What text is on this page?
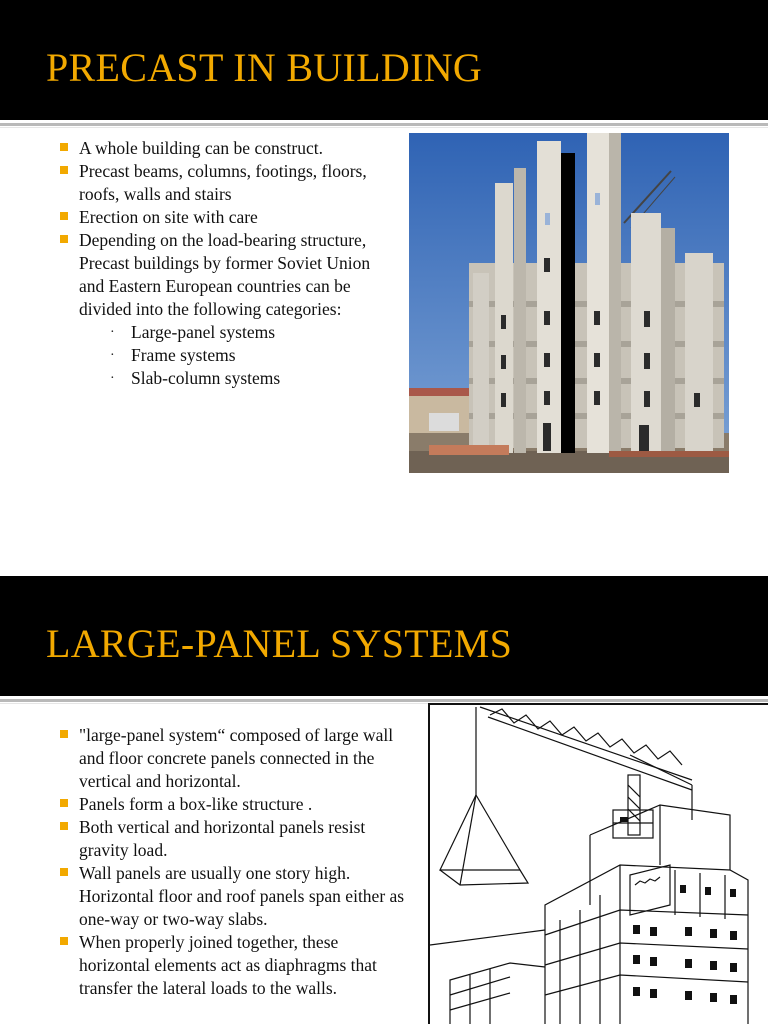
PRECAST IN BUILDING
A whole building can be construct.
Precast beams, columns, footings, floors, roofs, walls and stairs
Erection on site with care
Depending on the load-bearing structure, Precast buildings by former Soviet Union and Eastern European countries can be divided into the following categories:
· Large-panel systems
· Frame systems
· Slab-column systems
LARGE-PANEL SYSTEMS
"large-panel system“ composed of large wall and floor concrete panels connected in the vertical and horizontal.
Panels form a box-like structure .
Both vertical and horizontal panels resist gravity load.
Wall panels are usually one story high. Horizontal floor and roof panels span either as one-way or two-way slabs.
When properly joined together, these horizontal elements act as diaphragms that transfer the lateral loads to the walls.
